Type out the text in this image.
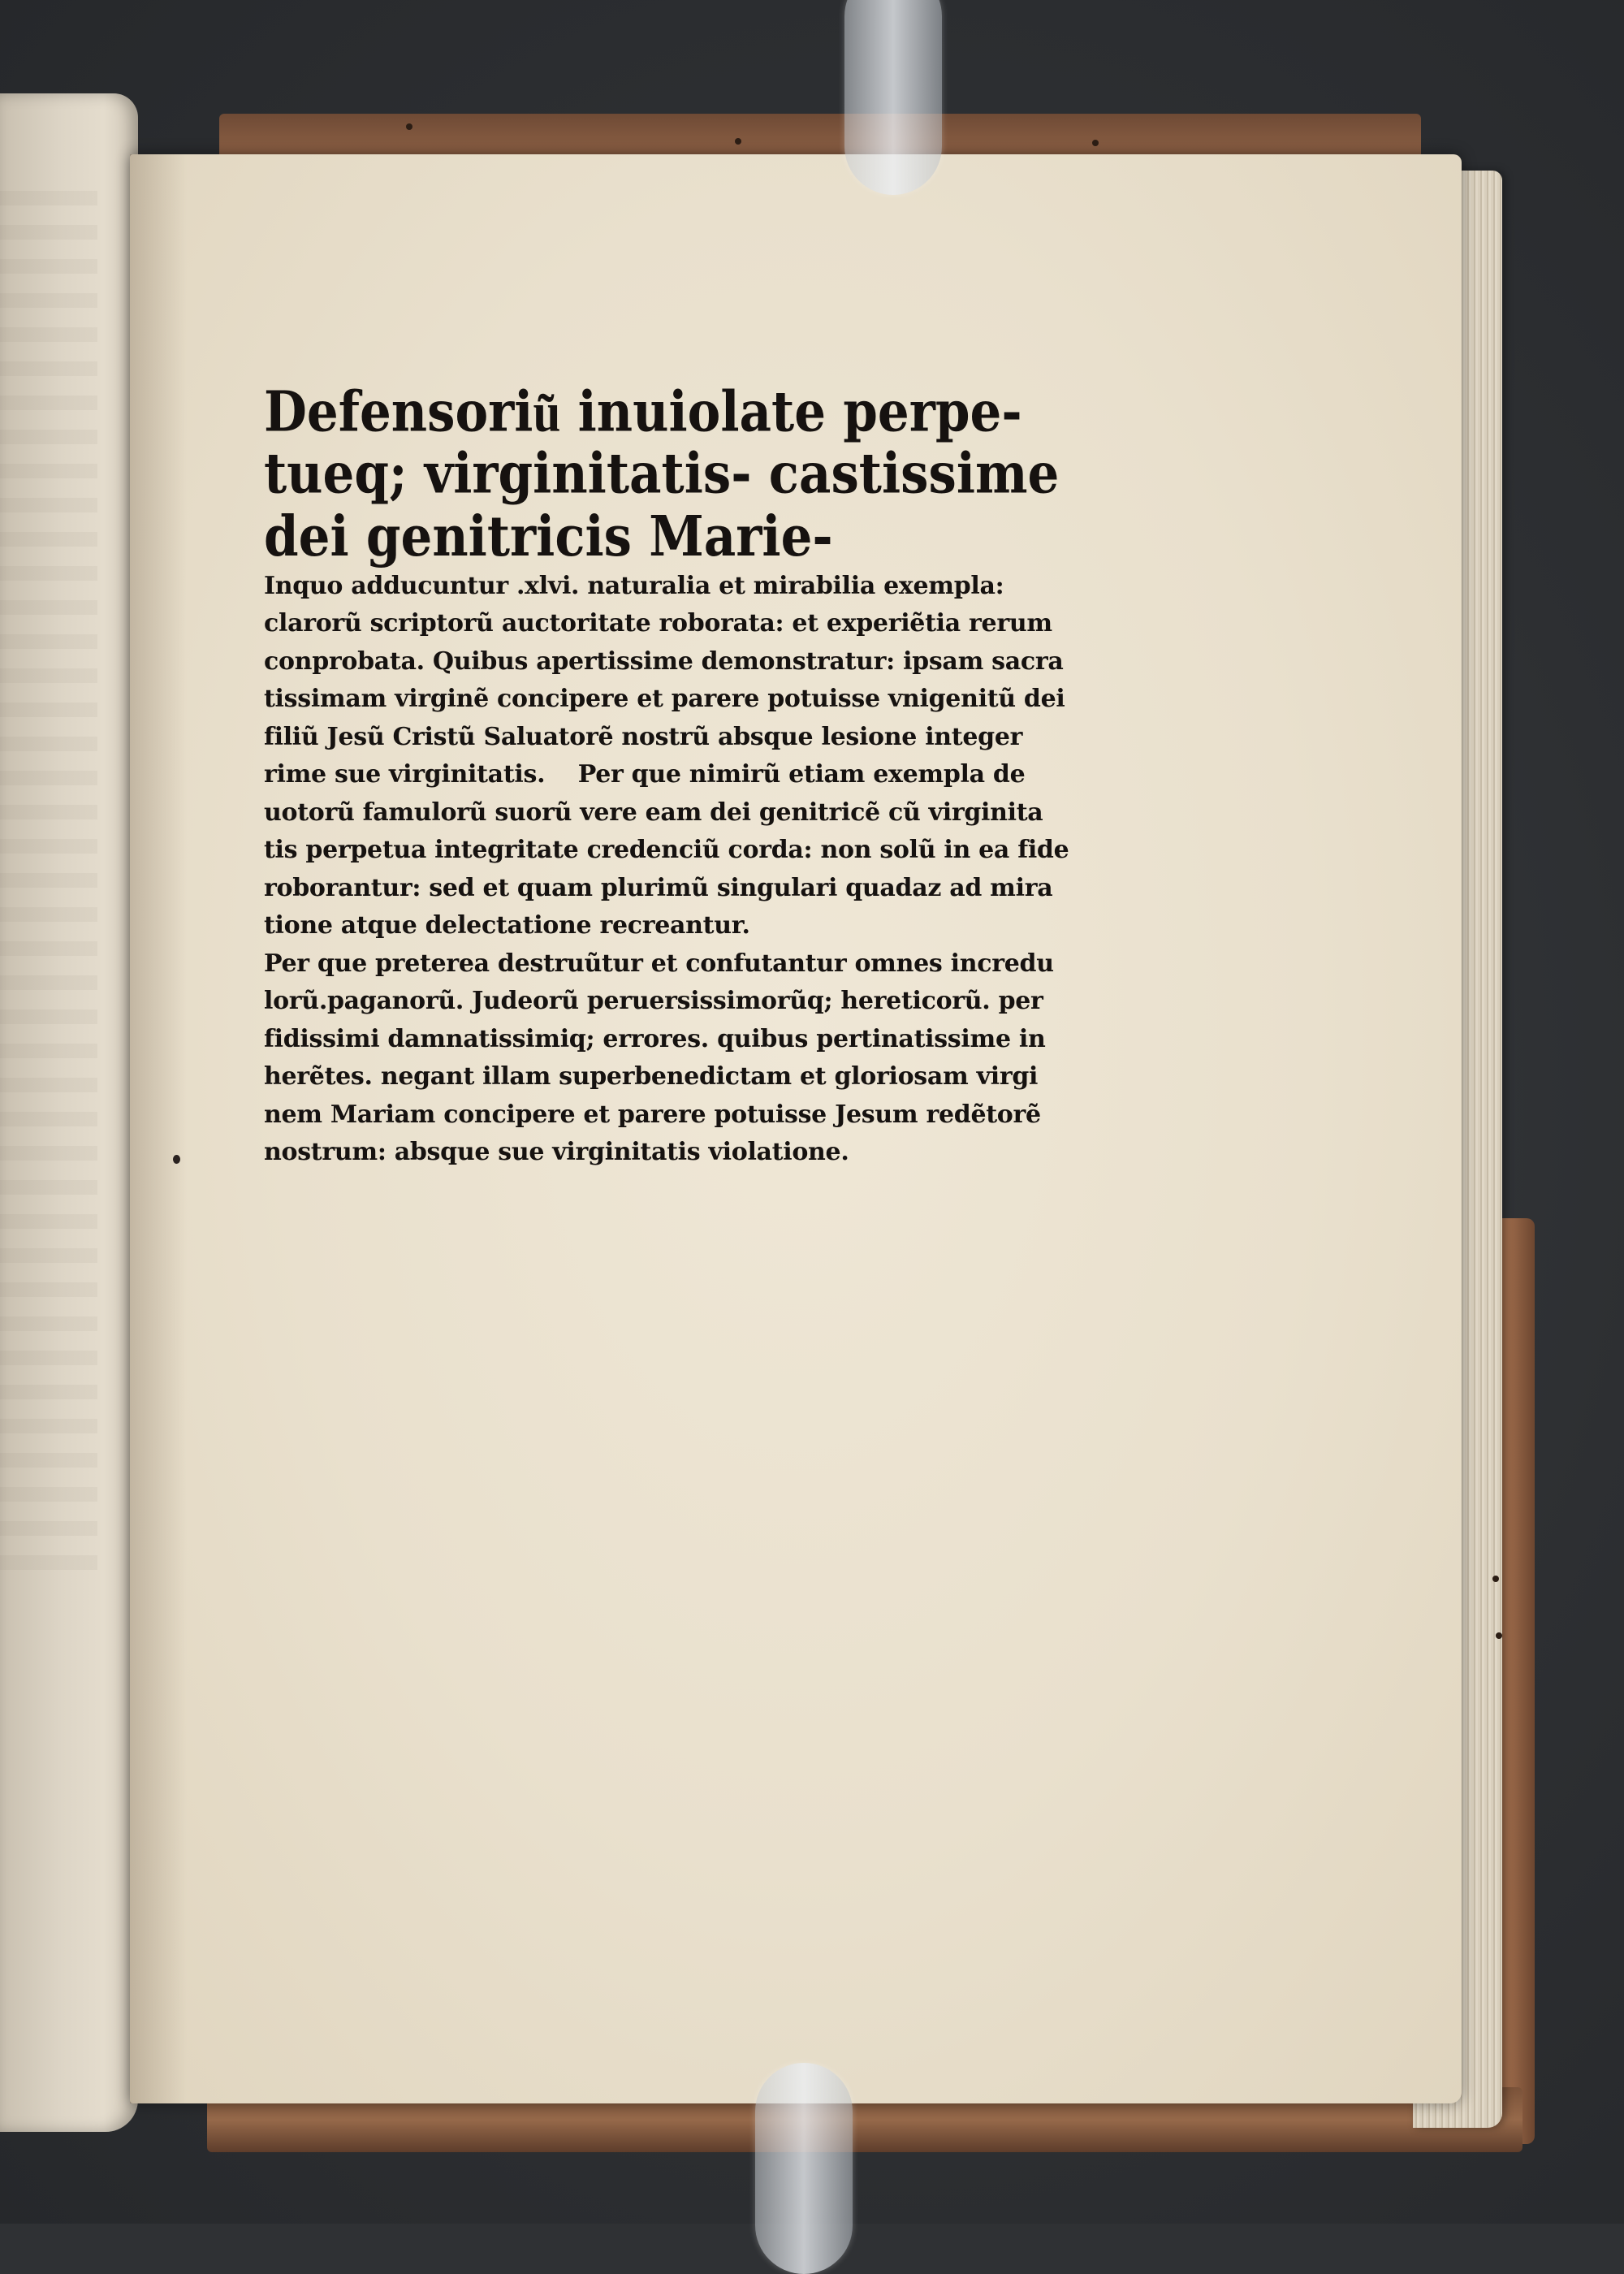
Defensoriu͂ inuiolate perpe-
tueq; virginitatis- castissime
dei genitricis Marie-

Inquo adducuntur .xlvi. naturalia et mirabilia exempla:
clarorũ scriptorũ auctoritate roborata: et experiẽtia rerum
conprobata. Quibus apertissime demonstratur: ipsam sacra
tissimam virginẽ concipere et parere potuisse vnigenitũ dei
filiũ Jesũ Cristũ Saluatorẽ nostrũ absque lesione integer
rime sue virginitatis.    Per que nimirũ etiam exempla de
uotorũ famulorũ suorũ vere eam dei genitricẽ cũ virginita
tis perpetua integritate credenciũ corda: non solũ in ea fide
roborantur: sed et quam plurimũ singulari quadaz ad mira
tione atque delectatione recreantur.

Per que preterea destruũtur et confutantur omnes incredu
lorũ.paganorũ. Judeorũ peruersissimorũq; hereticorũ. per
fidissimi damnatissimiq; errores. quibus pertinatissime in
herẽtes. negant illam superbenedictam et gloriosam virgi
nem Mariam concipere et parere potuisse Jesum redẽtorẽ
nostrum: absque sue virginitatis violatione.
